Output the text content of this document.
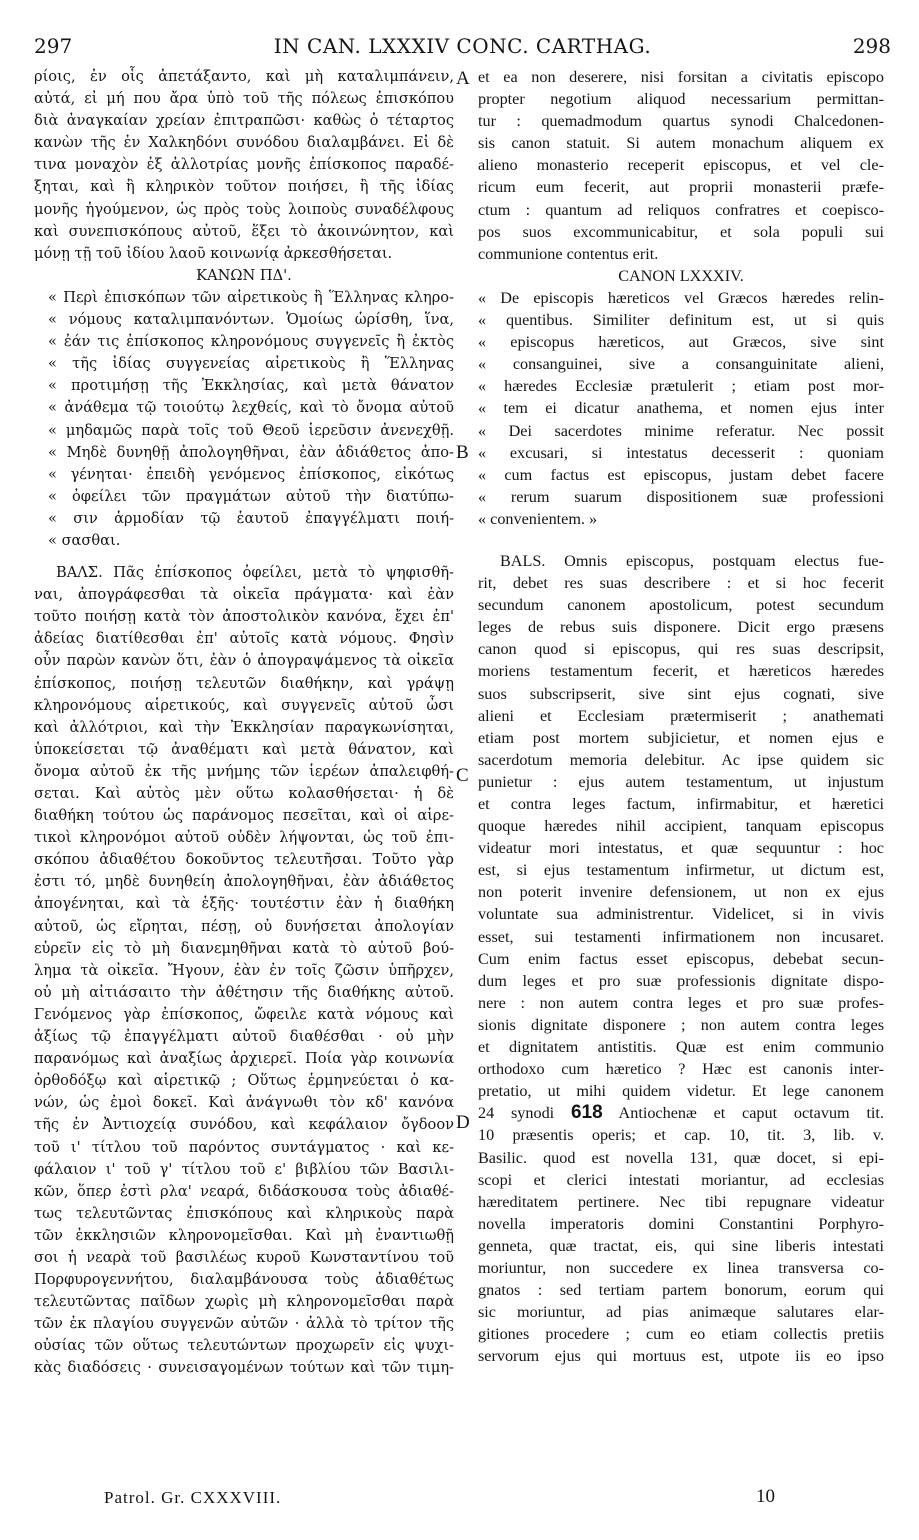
297	IN CAN. LXXXIV CONC. CARTHAG.	298
A
B
C
D
ρίοις, ἐν οἷς ἀπετάξαντο, καὶ μὴ καταλιμπάνειν,
αὐτά, εἰ μή που ἄρα ὑπὸ τοῦ τῆς πόλεως ἐπισκόπου
διὰ ἀναγκαίαν χρείαν ἐπιτραπῶσι· καθὼς ὁ τέταρτος
κανὼν τῆς ἐν Χαλκηδόνι συνόδου διαλαμβάνει. Εἰ δὲ
τινα μοναχὸν ἐξ ἀλλοτρίας μονῆς ἐπίσκοπος παραδέ-
ξηται, καὶ ἢ κληρικὸν τοῦτον ποιήσει, ἢ τῆς ἰδίας
μονῆς ἡγούμενον, ὡς πρὸς τοὺς λοιποὺς συναδέλφους
καὶ συνεπισκόπους αὐτοῦ, ἕξει τὸ ἀκοινώνητον, καὶ
μόνῃ τῇ τοῦ ἰδίου λαοῦ κοινωνίᾳ ἀρκεσθήσεται.
ΚΑΝΩΝ ΠΔ'.
« Περὶ ἐπισκόπων τῶν αἱρετικοὺς ἢ Ἕλληνας κληρο-
« νόμους καταλιμπανόντων. Ὁμοίως ὡρίσθη, ἵνα,
« ἐάν τις ἐπίσκοπος κληρονόμους συγγενεῖς ἢ ἐκτὸς
« τῆς ἰδίας συγγενείας αἱρετικοὺς ἢ Ἕλληνας
« προτιμήσῃ τῆς Ἐκκλησίας, καὶ μετὰ θάνατον
« ἀνάθεμα τῷ τοιούτῳ λεχθείς, καὶ τὸ ὄνομα αὐτοῦ
« μηδαμῶς παρὰ τοῖς τοῦ Θεοῦ ἱερεῦσιν ἀνενεχθῇ.
« Μηδὲ δυνηθῇ ἀπολογηθῆναι, ἐὰν ἀδιάθετος ἀπο-
« γένηται· ἐπειδὴ γενόμενος ἐπίσκοπος, εἰκότως
« ὀφείλει τῶν πραγμάτων αὐτοῦ τὴν διατύπω-
« σιν ἁρμοδίαν τῷ ἑαυτοῦ ἐπαγγέλματι ποιή-
« σασθαι.
ΒΑΛΣ. Πᾶς ἐπίσκοπος ὀφείλει, μετὰ τὸ ψηφισθῆ-
ναι, ἀπογράφεσθαι τὰ οἰκεῖα πράγματα· καὶ ἐὰν
τοῦτο ποιήσῃ κατὰ τὸν ἀποστολικὸν κανόνα, ἔχει ἐπ'
ἀδείας διατίθεσθαι ἐπ' αὐτοῖς κατὰ νόμους. Φησὶν
οὖν παρὼν κανὼν ὅτι, ἐὰν ὁ ἀπογραψάμενος τὰ οἰκεῖα
ἐπίσκοπος, ποιήσῃ τελευτῶν διαθήκην, καὶ γράψῃ
κληρονόμους αἱρετικούς, καὶ συγγενεῖς αὐτοῦ ὦσι
καὶ ἀλλότριοι, καὶ τὴν Ἐκκλησίαν παραγκωνίσηται,
ὑποκείσεται τῷ ἀναθέματι καὶ μετὰ θάνατον, καὶ
ὄνομα αὐτοῦ ἐκ τῆς μνήμης τῶν ἱερέων ἀπαλειφθή-
σεται. Καὶ αὐτὸς μὲν οὕτω κολασθήσεται· ἡ δὲ
διαθήκη τούτου ὡς παράνομος πεσεῖται, καὶ οἱ αἱρε-
τικοὶ κληρονόμοι αὐτοῦ οὐδὲν λήψονται, ὡς τοῦ ἐπι-
σκόπου ἀδιαθέτου δοκοῦντος τελευτῆσαι. Τοῦτο γὰρ
ἐστι τό, μηδὲ δυνηθείη ἀπολογηθῆναι, ἐὰν ἀδιάθετος
ἀπογένηται, καὶ τὰ ἑξῆς· τουτέστιν ἐὰν ἡ διαθήκη
αὐτοῦ, ὡς εἴρηται, πέσῃ, οὐ δυνήσεται ἀπολογίαν
εὑρεῖν εἰς τὸ μὴ διανεμηθῆναι κατὰ τὸ αὐτοῦ βού-
λημα τὰ οἰκεῖα. Ἤγουν, ἐὰν ἐν τοῖς ζῶσιν ὑπῆρχεν,
οὐ μὴ αἰτιάσαιτο τὴν ἀθέτησιν τῆς διαθήκης αὐτοῦ.
Γενόμενος γὰρ ἐπίσκοπος, ὤφειλε κατὰ νόμους καὶ
ἀξίως τῷ ἐπαγγέλματι αὐτοῦ διαθέσθαι · οὐ μὴν
παρανόμως καὶ ἀναξίως ἀρχιερεῖ. Ποία γὰρ κοινωνία
ὀρθοδόξῳ καὶ αἱρετικῷ ; Οὕτως ἑρμηνεύεται ὁ κα-
νών, ὡς ἐμοὶ δοκεῖ. Καὶ ἀνάγνωθι τὸν κδ' κανόνα
τῆς ἐν Ἀντιοχείᾳ συνόδου, καὶ κεφάλαιον ὄγδοον
τοῦ ι' τίτλου τοῦ παρόντος συντάγματος · καὶ κε-
φάλαιον ι' τοῦ γ' τίτλου τοῦ ε' βιβλίου τῶν Βασιλι-
κῶν, ὅπερ ἐστὶ ρλα' νεαρά, διδάσκουσα τοὺς ἀδιαθέ-
τως τελευτῶντας ἐπισκόπους καὶ κληρικοὺς παρὰ
τῶν ἐκκλησιῶν κληρονομεῖσθαι. Καὶ μὴ ἐναντιωθῇ
σοι ἡ νεαρὰ τοῦ βασιλέως κυροῦ Κωνσταντίνου τοῦ
Πορφυρογεννήτου, διαλαμβάνουσα τοὺς ἀδιαθέτως
τελευτῶντας παῖδων χωρὶς μὴ κληρονομεῖσθαι παρὰ
τῶν ἐκ πλαγίου συγγενῶν αὐτῶν · ἀλλὰ τὸ τρίτον τῆς
οὐσίας τῶν οὕτως τελευτώντων προχωρεῖν εἰς ψυχι-
κὰς διαδόσεις · συνεισαγομένων τούτων καὶ τῶν τιμη-
et ea non deserere, nisi forsitan a civitatis episcopo
propter negotium aliquod necessarium permittan-
tur : quemadmodum quartus synodi Chalcedonen-
sis canon statuit. Si autem monachum aliquem ex
alieno monasterio receperit episcopus, et vel cle-
ricum eum fecerit, aut proprii monasterii præfe-
ctum : quantum ad reliquos confratres et coepisco-
pos suos excommunicabitur, et sola populi sui
communione contentus erit.
CANON LXXXIV.
« De episcopis hæreticos vel Græcos hæredes relin-
« quentibus. Similiter definitum est, ut si quis
« episcopus hæreticos, aut Græcos, sive sint
« consanguinei, sive a consanguinitate alieni,
« hæredes Ecclesiæ prætulerit ; etiam post mor-
« tem ei dicatur anathema, et nomen ejus inter
« Dei sacerdotes minime referatur. Nec possit
« excusari, si intestatus decesserit : quoniam
« cum factus est episcopus, justam debet facere
« rerum suarum dispositionem suæ professioni
« convenientem. »
BALS. Omnis episcopus, postquam electus fue-
rit, debet res suas describere : et si hoc fecerit
secundum canonem apostolicum, potest secundum
leges de rebus suis disponere. Dicit ergo præsens
canon quod si episcopus, qui res suas descripsit,
moriens testamentum fecerit, et hæreticos hæredes
suos subscripserit, sive sint ejus cognati, sive
alieni et Ecclesiam prætermiserit ; anathemati
etiam post mortem subjicietur, et nomen ejus e
sacerdotum memoria delebitur. Ac ipse quidem sic
punietur : ejus autem testamentum, ut injustum
et contra leges factum, infirmabitur, et hæretici
quoque hæredes nihil accipient, tanquam episcopus
videatur mori intestatus, et quæ sequuntur : hoc
est, si ejus testamentum infirmetur, ut dictum est,
non poterit invenire defensionem, ut non ex ejus
voluntate sua administrentur. Videlicet, si in vivis
esset, sui testamenti infirmationem non incusaret.
Cum enim factus esset episcopus, debebat secun-
dum leges et pro suæ professionis dignitate dispo-
nere : non autem contra leges et pro suæ profes-
sionis dignitate disponere ; non autem contra leges
et dignitatem antistitis. Quæ est enim communio
orthodoxo cum hæretico ? Hæc est canonis inter-
pretatio, ut mihi quidem videtur. Et lege canonem
24 synodi 618 Antiochenæ et caput octavum tit.
10 præsentis operis; et cap. 10, tit. 3, lib. v.
Basilic. quod est novella 131, quæ docet, si epi-
scopi et clerici intestati moriantur, ad ecclesias
hæreditatem pertinere. Nec tibi repugnare videatur
novella imperatoris domini Constantini Porphyro-
genneta, quæ tractat, eis, qui sine liberis intestati
moriuntur, non succedere ex linea transversa co-
gnatos : sed tertiam partem bonorum, eorum qui
sic moriuntur, ad pias animæque salutares elar-
gitiones procedere ; cum eo etiam collectis pretiis
servorum ejus qui mortuus est, utpote iis eo ipso
Patrol. Gr. CXXXVIII.	10
